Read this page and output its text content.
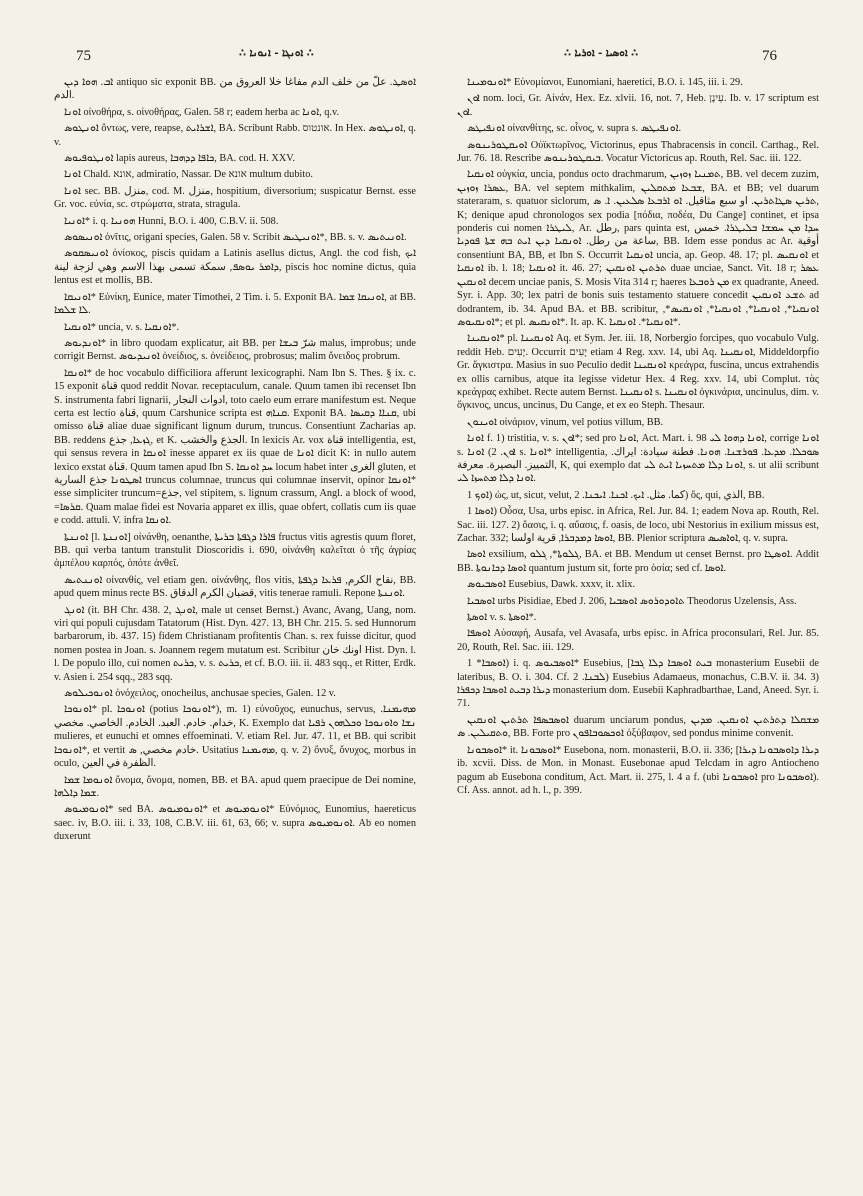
75	∴ ܐܘܢܓܐ - ܐܢܘܢܐ ∴	∴ ܐܘܣܝܐ - ܐܘܪܝܐ ∴	76

ܐܒ. ܗܘܐ ܕܝܢ antiquo sic exponit BB. ܐܘܣܛ. علّ من خلف الدم مفاغا خلا العروق من الدم.

ܐܘܢܐ οἰνοθήρα, s. οἰνοθήρας, Galen. 58 r; eadem herba ac ܐܘܢܐ, q.v.

ܐܘܢܛܘܣ ὄντως, vere, reapse, ܐܫܪܐܝܬ, BA. Scribunt Rabb. אונטוס. In Hex. ܐܘܢܛܘܣ, q. v.

ܐܘܢܛܘܦܝܘܣ lapis aureus, ܟܐܦܐ ܕܕܗܒܐ, BA. cod. H. XXV.

ܐܘܢܐ Chald. אונא, admiratio, Nassar. De אונא multum dubito.

ܐܘܢܐ sec. BB. منزل, cod. M. منزل, hospitium, diversorium; suspicatur Bernst. esse Gr. voc. εὐνία, sc. στρώματα, strata, stragula.

ܐܘܢܝܐ* i. q. ܗܘܢܝܐ Hunni, B.O. i. 400, C.B.V. ii. 508.

ܐܘܢܝܣܘܣ ὀνῖτις, origani species, Galen. 58 v. Scribit ܐܘܢܝܛܝܣ*, BB. s. v. ܐܘܢܝܬܝܣ.

ܐܘܢܝܣܩܘܣ ὀνίσκος, piscis quidam a Latinis asellus dictus, Angl. the cod fish, ܐܝܟ ܕܐܡܪ ܝܘܣܦ, سمكة تسمى بهذا الاسم وهي لزجة لينة, piscis hoc nomine dictus, quia lentus est et mollis, BB.

ܐܘܢܝܩܐ* Εὐνίκη, Eunice, mater Timothei, 2 Tim. i. 5. Exponit BA. ܐܘܢܝܩܐ ܫܡܐ, at BB. ܠܐ ܫܠܡܐ.

ܐܘܢܩܝܐ* uncia, v. s. ܐܘܢܩܝܐ*.

ܐܘܢܕܝܘܣ* in libro quodam explicatur, ait BB. per شرّ ܒܝܫܐ malus, improbus; unde corrigit Bernst. ܐܘܢܝܕܝܘܣ ὀνείδιος, s. ὀνείδειος, probrosus; malim ὄνειδος probrum.

ܐܘܢܩܐ* de hoc vocabulo difficiliora afferunt lexicographi. Nam Ibn S. Thes. § ix. c. 15 exponit قناة quod reddit Novar. receptaculum, canale. Quum tamen ibi recenset Ibn S. instrumenta fabri lignarii, ادوات النجار, toto caelo eum errare manifestum est. Neque certa est lectio قناة, quum Carshunice scripta est ܩܢܐܗ. Exponit BA. ܩܢܐܐ ܕܩܝܣܐ, ubi omisso قناة aliae duae significant lignum durum, truncus. Consentiunt Zacharias ap. BB. reddens ܓܙܥܐ, جذع, et K. الجذع والخشب. In lexicis Ar. vox قناة intelligentia, est, qui sensus revera in ܐܘܢܩܐ inesse apparet ex iis quae de ܐܘܢܐ dicit K: in nullo autem lexico exstat قناة. Quum tamen apud Ibn S. ܚܕ ܐܘܢܩܐ locum habet inter الغرى gluten, et ܐܣܛܘܢܐ جذع السارية truncus columnae, truncus qui columnae inservit, opinor ܐܘܢܩܐ* esse simpliciter truncum=جذع, vel stipitem, s. lignum crassum, Angl. a block of wood, =ܩܪܣܐ. Quam malae fidei est Novaria apparet ex illis, quae obfert, collatis cum iis quae e codd. attuli. V. infra ܐܘܢܩܐ.

ܐܘܢܢܬܐ [l. ܐܘܢܢܬܐ] οἰνάνθη, oenanthe, ܦܐܪܐ ܕܓܦܬܐ ܒܪܝܬܐ fructus vitis agrestis quum floret, BB. qui verba tantum transtulit Dioscoridis i. 690, οἰνάνθη καλεῖται ὁ τῆς ἀγρίας ἀμπέλου καρπός, ὁπότε ἀνθεῖ.

ܐܘܢܢܬܝܣ οἰνανθίς, vel etiam gen. οἰνάνθης, flos vitis, نقاح الكرم, ܦܪܥܐ ܕܓܦܬܐ, BB. apud quem minus recte BS. قضبان الكرم الدقاق, vitis tenerae ramuli. Repone ܐܘܢܢܬܐ.

ܐܘܢܓ (it. BH Chr. 438. 2, ܐܘܢܓ, male ut censet Bernst.) Avanc, Avang, Uang, nom. viri qui populi cujusdam Tatatorum (Hist. Dyn. 427. 13, BH Chr. 215. 5. sed Hunnorum barbarorum, ib. 437. 15) fidem Christianam profitentis Chan. s. rex fuisse dicitur, quod nomen postea in Joan. s. Joannem regem mutatum est. Scribitur اونك خان Hist. Dyn. l. l. De populo illo, cui nomen ܟܪܝܬ, v. s. ܟܪܝܬ, et cf. B.O. iii. ii. 483 sqq., et Ritter, Erdk. v. Asien i. 254 sqq., 283 sqq.

ܐܘܢܘܟܝܠܘܣ ὀνόχειλος, onocheilus, anchusae species, Galen. 12 v.

ܐܘܢܘܟܐ* pl. ܐܘܢܘܟܐ (potius ܐܘܢܘܟܐ*), m. 1) εὐνοῦχος, eunuchus, servus, ܡܗܝܡܢܐ. خدام. خادم. العبد. الخادم. الخاصي. مخصي, K. Exemplo dat ܢܫܐ ܘܐܘܢܘܟܐ ܘܟܠܗܘܢ ܪܦܝܐ mulieres, et eunuchi et omnes effoeminati. V. etiam Rel. Jur. 47. 11, et BB. qui scribit ܐܘܢܘܟܐ*, et vertit خادم مخصي, ܣ. Usitatius ܡܗܝܡܢܐ, q. v. 2) ὄνυξ, ὄνυχος, morbus in oculo, الظفرة في العين.

ܐܘܢܘܡܐ ܫܡܐ ὄνομα, ὄνομα, nomen, BB. et BA. apud quem praecipue de Dei nomine, ܫܡܐ ܕܐܠܗܐ.

ܐܘܢܘܡܝܘܣ* sed BA. ܐܘܢܘܡܝܘܣ* et ܐܘܢܘܡܝܘܣ* Εὐνόμιος, Eunomius, haereticus saec. iv, B.O. iii. i. 33, 108, C.B.V. iii. 61, 63, 66; v. supra ܐܘܢܘܡܝܘܣ. Ab eo nomen duxerunt

ܐܘܢܘܡܝܢܐ* Εὐνομίανοι, Eunomiani, haeretici, B.O. i. 145, iii. i. 29.

ܐܘܢ nom. loci, Gr. Αἰνάν, Hex. Ez. xlvii. 16, not. 7, Heb. עֵינָן. Ib. v. 17 scriptum est ܐܘܢ.

ܐܘܢܦܝܛܣ οἰνανθίτης, sc. οἶνος, v. supra s. ܐܘܢܦܝܛܣ.

ܐܘܝܩܛܘܪܝܢܘܣ Οὐϊκτωρῖνος, Victorinus, epus Thabracensis in concil. Carthag., Rel. Jur. 76. 18. Rescribe ܒܝܩܛܘܪܝܢܘܣ. Vocatur Victoricus ap. Routh, Rel. Sac. iii. 122.

ܐܘܢܩܝܐ οὐγκία, uncia, pondus octo drachmarum, ܬܡܢܝܐ ܙܘܙܝܢ, BB. vel decem zuzim, ܥܣܪܐ ܙܘܙܝܢ, BA. vel septem mithkalim, ܫܒܥܐ ܡܬܩܠܝܢ, BA. et BB; vel duarum stateraram, s. quatuor siclorum, ܬܪܝܢ ܣܛܐܬܪܝܢ. او سبع مثاقيل. ܐܘ ܐܪܒܥܐ ܣܠܥܝܢ. ܐ. ܣ, K; denique apud chronologos sex podia [πόδια, ποδέα, Du Cange] continet, et ipsa ponderis cui nomen ܠܝܛܪܐ, Ar. رطل, pars quinta est, ܚܕܐ ܡܢ ܚܡܫܐ ܒܠܝܛܪܐ. خمس ساعة من رطل. ܐܘܢܩܝܐ ܕܝܢ ܐܝܬ ܒܗ ܫܬܐ ܦܘܕܝܐ, BB. Idem esse pondus ac Ar. أوقية consentiunt BA, BB, et Ibn S. Occurrit ܐܘܢܩܝܐ uncia, ap. Geop. 48. 17; pl. ܐܘܢܩܝܣ et ܐܘܢܩܝܐ ib. l. 18; ܐܘܢܩܝܐ it. 46. 27; ܬܪܬܝܢ ܐܘܢܩܝܢ duae unciae, Sanct. Vit. 18 r; ܥܣܪ ܐܘܢܩܝܢ decem unciae panis, S. Mosis Vita 314 r; haeres ܡܢ ܪܘܒܥܐ ex quadrante, Aneed. Syr. i. App. 30; lex patri de bonis suis testamento statuere concedit ܬܫܥ ܐܘܢܩܝܢ ad dodrantem, ib. 34. Apud BA. et BB. scribitur, ܐܘܢܩܝܐ*, ܐܘܢܩܝܐ*, ܐܘܢܩܝܐ*, ܐܘܢܩܝܣ*, ܐܘܢܩܝܘܣ*; et pl. ܐܘܢܩܝܣ*. It. ap. K. ܐܘܢܩܝܐ*. ܐܘܢܩܝܐ*.

ܐܘܢܩܝܢܐ* pl. ܐܘܢܩܝܢܐ Aq. et Sym. Jer. iii. 18, Norbergio forcipes, quo vocabulo Vulg. reddit Heb. יָעִים. Occurrit יָעִים etiam 4 Reg. xxv. 14, ubi Aq. ܐܘܢܩܝܢܐ, Middeldorpfio Gr. ἄγκιστρα. Masius in suo Peculio dedit ܐܘܢܩܝܢܐ κρεάγρα, fuscina, uncus extrahendis ex ollis carnibus, atque ita legisse videtur Hex. 4 Reg. xxv. 14, ubi Complut. τὰς κρεάγρας exhibet. Recte autem Bernst. ܐܘܢܩܝܢܐ s. ܐܘܢܩܝܢܐ ὀγκινάρια, uncinulus, dim. v. ὄγκινος, uncus, uncinus, Du Cange, et ex eo Steph. Thesaur.

ܐܘܝܢܘܢ οἰνάριον, vinum, vel potius villum, BB.

ܐܘܢܐ f. 1) tristitia, v. s. ܐܘܢ*; sed pro ܐܘܢܐ, Act. Mart. i. 98 ܐܘܢܐ ܕܗܘܐ ܠܝ, corrige ܐܘܢܐ s. ܐܘܢ. 2) ܐܘܢܐ s. ܐܘܢܐ* intelligentia, ܣܘܟܠܐ. ܡܕܥܐ. ܦܘܪܫܢܐ. ܗܘܢܐ. فطنة سيادة: ايراك. التمييز. البصيرة. معرفة, K, qui exemplo dat ܐܘܢܐ ܕܠܐ ܡܬܚܙܝܐ ܐܝܬ ܠܝ, s. ut alii scribunt ܐܘܢܐ ܕܠܐ ܡܬܚܙܐ ܠܝ.

ܐܘܟ 1) ὡς, ut, sicut, velut, كما. مثل. ܐܝܟ. ܐܟܢܐ. ܐܝܟܢܐ. 2) ὅς, qui, الذي, BB.

ܐܘܣܐ 1) Οὖσα, Usa, urbs episc. in Africa, Rel. Jur. 84. 1; eadem Nova ap. Routh, Rel. Sac. iii. 127. 2) ὄασις, i. q. αὔασις, f. oasis, de loco, ubi Nestorius in exilium missus est, Zachar. 332; ܐܘܣܐ ܕܡܕܒܪܐ, قرية اولسا, BB. Plenior scriptura ܐܘܐܣܝܣ, q. v. supra.

ܐܘܣܐ exsilium, ܓܠܘܬܐ*, ܓܠܘ, BA. et BB. Mendum ut censet Bernst. pro ܐܘܣܛܐ. Addit BB. ܐܘܣܐ ܕܟܐܢܘܬܐ quantum justum sit, forte pro ὁσία; sed cf. ܐܘܣܐ.

ܐܘܣܒܝܘܣ Eusebius, Dawk. xxxv, it. xlix.

ܐܘܣܒܝܐ urbs Pisidiae, Ebed J. 206, ܬܐܘܕܘܪܘܣ ܐܘܣܒܝܐ Theodorus Uzelensis, Ass.

ܐܘܣܬܐ v. s. ܐܘܣܬܐ*.

ܐܘܣܦܐ Αὐσαφή, Ausafa, vel Avasafa, urbs episc. in Africa proconsulari, Rel. Jur. 85. 20, Routh, Rel. Sac. iii. 129.

ܐܘܣܒܐ* 1) i. q. ܐܘܣܒܝܘܣ* Eusebius, [ܒܝܬ ܐܘܣܒܐ ܕܠܐ ܓܒܐ monasterium Eusebii de lateribus, B. O. i. 304. Cf. ܠܒܢܐ. 2) Eusebius Adamaeus, monachus, C.B.V. ii. 34. 3) ܕܝܪܐ ܕܒܝܬ ܐܘܣܒܐ ܕܟܦܪܐ monasterium dom. Eusebii Kaphradbarthae, Land, Aneed. Syr. i. 71.

ܐܘܣܒܣܦܐ ܬܪܬܝܢ ܐܘܢܩܝܢ duarum unciarum pondus, ܡܫܩܠܐ ܕܬܪܬܝܢ ܐܘܢܩܝܢ. ܡܕܝܢ ܘܬܩܝܠܝܢ. ܣ, BB. Forte pro ܐܘܟܣܘܒܐܦܘܢ ὀξύβαφον, sed pondus minime convenit.

ܐܘܣܒܘܢܐ* it. ܐܘܣܒܘܢܐ* Eusebona, nom. monasterii, B.O. ii. 336; [ܕܝܪܐ ܕܐܘܣܒܘܢܐ ܕܝܪܐ ib. xcvii. Diss. de Mon. in Monast. Eusebonae apud Telcdam in agro Antiocheno pagum ab Eusebona conditum, Act. Mart. ii. 275, l. 4 a f. (ubi ܐܘܣܒܘܢܐ pro ܐܘܣܒܘܢܐ). Cf. Ass. annot. ad h. l., p. 399.
